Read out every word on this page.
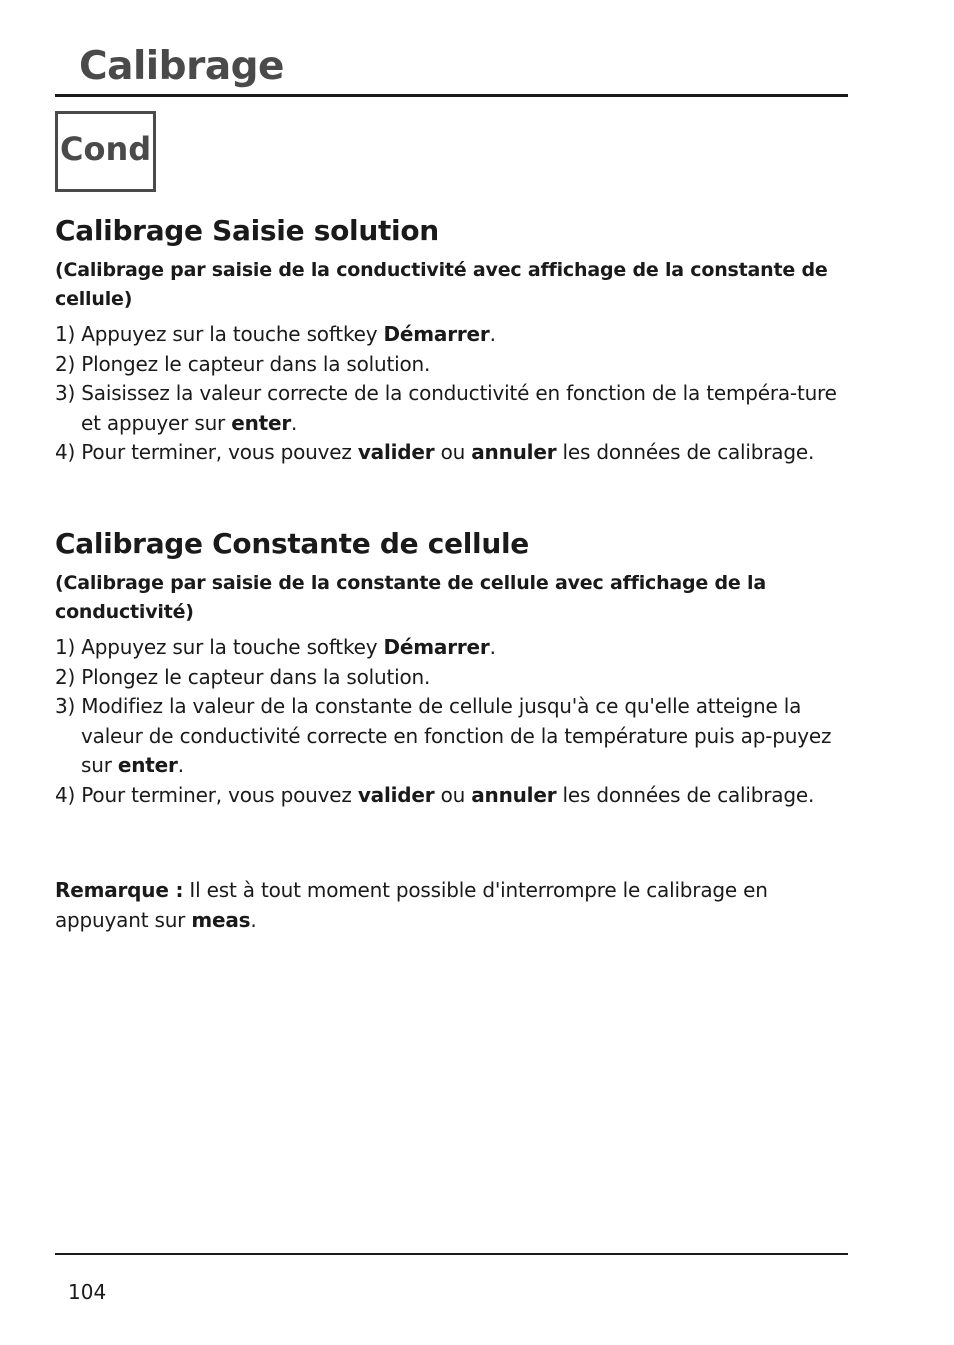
Calibrage
Cond
Calibrage Saisie solution

(Calibrage par saisie de la conductivité avec affichage de la constante de cellule)

1) Appuyez sur la touche softkey Démarrer.
2) Plongez le capteur dans la solution.
3) Saisissez la valeur correcte de la conductivité en fonction de la tempéra-ture et appuyer sur enter.
4) Pour terminer, vous pouvez valider ou annuler les données de calibrage.
Calibrage Constante de cellule

(Calibrage par saisie de la constante de cellule avec affichage de la conductivité)

1) Appuyez sur la touche softkey Démarrer.
2) Plongez le capteur dans la solution.
3) Modifiez la valeur de la constante de cellule jusqu'à ce qu'elle atteigne la valeur de conductivité correcte en fonction de la température puis ap-puyez sur enter.
4) Pour terminer, vous pouvez valider ou annuler les données de calibrage.

Remarque : Il est à tout moment possible d'interrompre le calibrage en appuyant sur meas.

104
